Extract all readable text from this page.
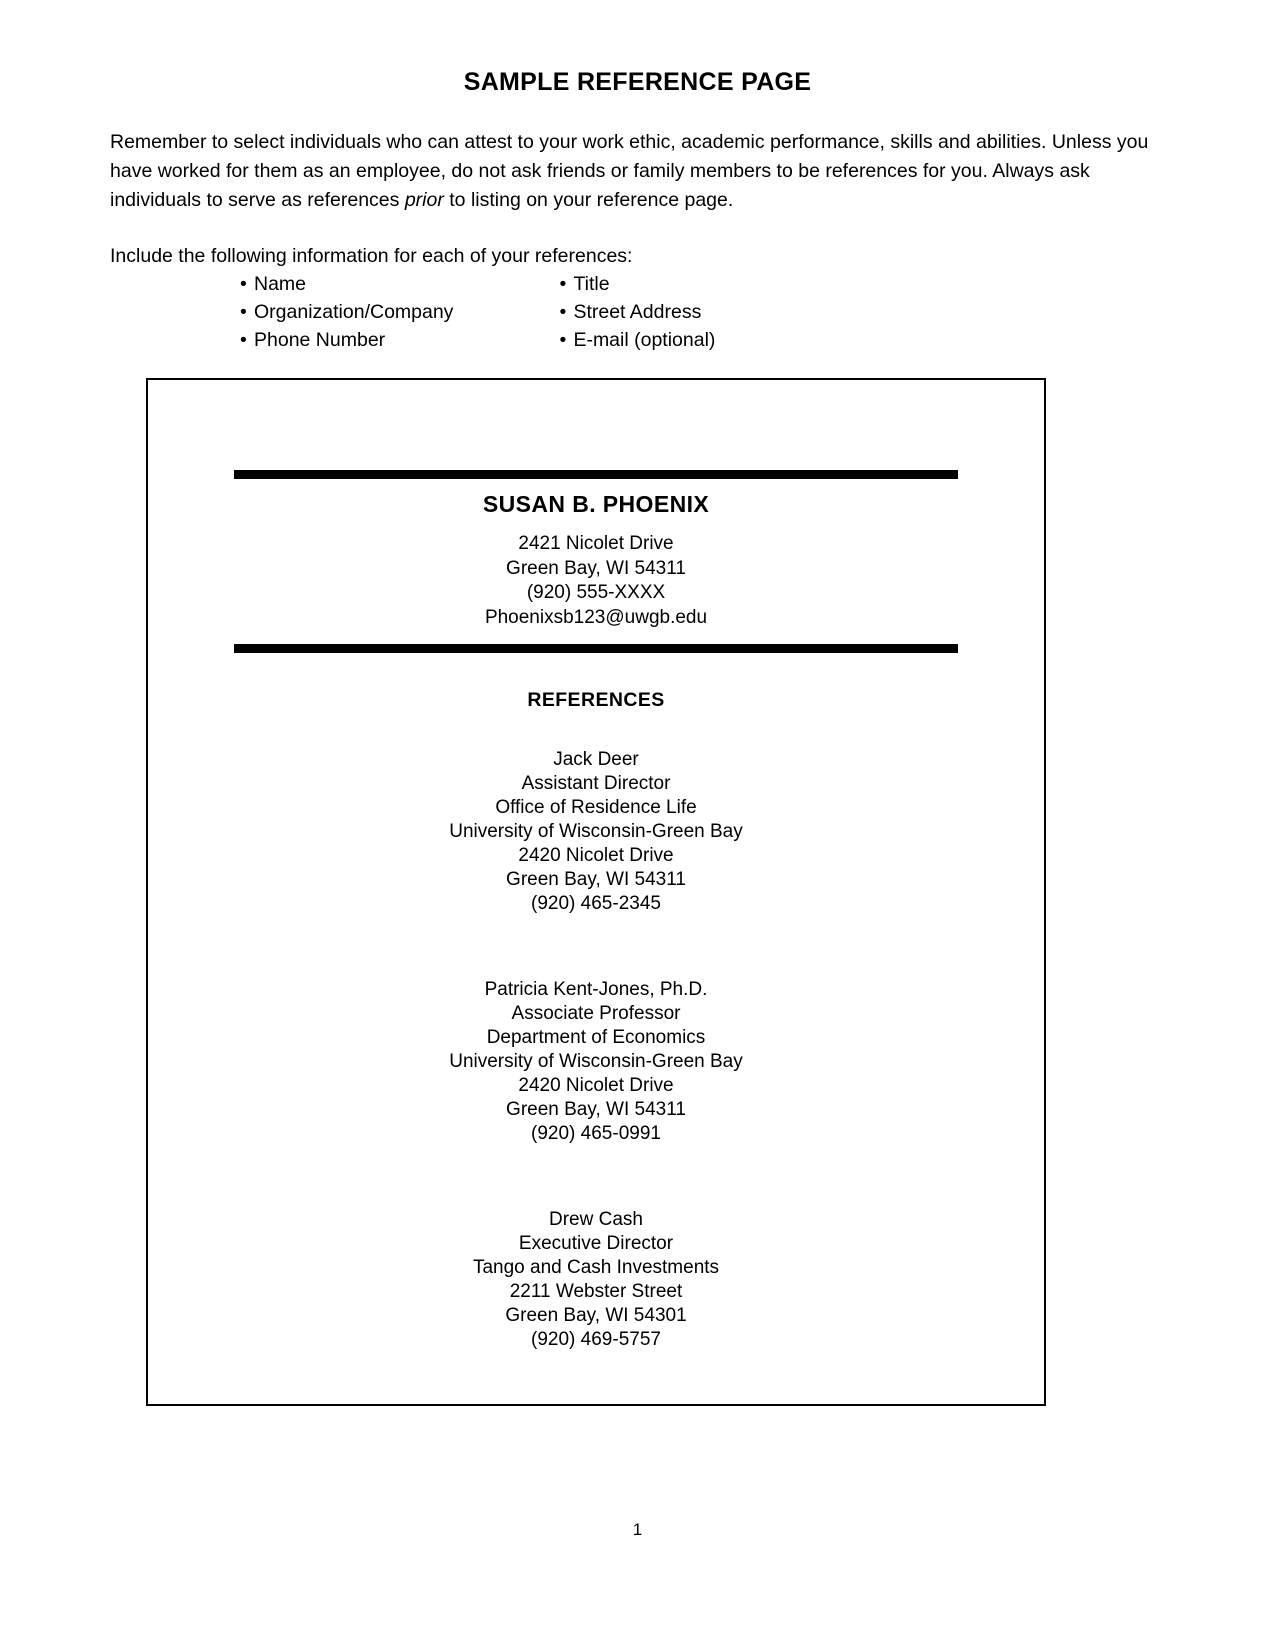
SAMPLE REFERENCE PAGE

Remember to select individuals who can attest to your work ethic, academic performance, skills and abilities. Unless you have worked for them as an employee, do not ask friends or family members to be references for you. Always ask individuals to serve as references prior to listing on your reference page.

Include the following information for each of your references:

• Name
• Organization/Company
• Phone Number
• Title
• Street Address
• E-mail (optional)
SUSAN B. PHOENIX
2421 Nicolet Drive
Green Bay, WI 54311
(920) 555-XXXX
Phoenixsb123@uwgb.edu
REFERENCES
Jack Deer
Assistant Director
Office of Residence Life
University of Wisconsin-Green Bay
2420 Nicolet Drive
Green Bay, WI 54311
(920) 465-2345
Patricia Kent-Jones, Ph.D.
Associate Professor
Department of Economics
University of Wisconsin-Green Bay
2420 Nicolet Drive
Green Bay, WI 54311
(920) 465-0991
Drew Cash
Executive Director
Tango and Cash Investments
2211 Webster Street
Green Bay, WI 54301
(920) 469-5757
1
